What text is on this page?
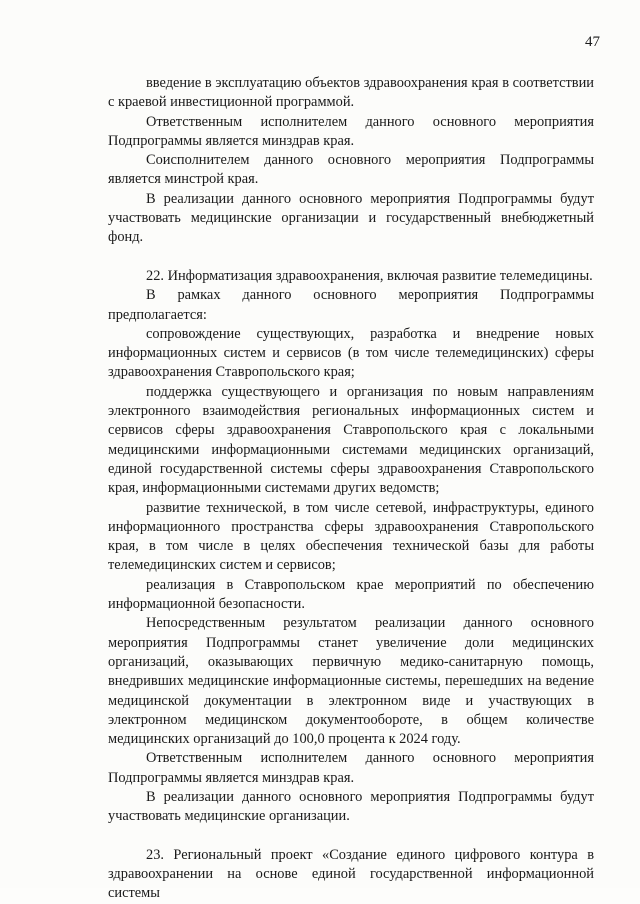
47

введение в эксплуатацию объектов здравоохранения края в соответствии с краевой инвестиционной программой.

Ответственным исполнителем данного основного мероприятия Подпрограммы является минздрав края.

Соисполнителем данного основного мероприятия Подпрограммы является минстрой края.

В реализации данного основного мероприятия Подпрограммы будут участвовать медицинские организации и государственный внебюджетный фонд.

22. Информатизация здравоохранения, включая развитие телемедицины.

В рамках данного основного мероприятия Подпрограммы предполагается:

сопровождение существующих, разработка и внедрение новых информационных систем и сервисов (в том числе телемедицинских) сферы здравоохранения Ставропольского края;

поддержка существующего и организация по новым направлениям электронного взаимодействия региональных информационных систем и сервисов сферы здравоохранения Ставропольского края с локальными медицинскими информационными системами медицинских организаций, единой государственной системы сферы здравоохранения Ставропольского края, информационными системами других ведомств;

развитие технической, в том числе сетевой, инфраструктуры, единого информационного пространства сферы здравоохранения Ставропольского края, в том числе в целях обеспечения технической базы для работы телемедицинских систем и сервисов;

реализация в Ставропольском крае мероприятий по обеспечению информационной безопасности.

Непосредственным результатом реализации данного основного мероприятия Подпрограммы станет увеличение доли медицинских организаций, оказывающих первичную медико-санитарную помощь, внедривших медицинские информационные системы, перешедших на ведение медицинской документации в электронном виде и участвующих в электронном медицинском документообороте, в общем количестве медицинских организаций до 100,0 процента к 2024 году.

Ответственным исполнителем данного основного мероприятия Подпрограммы является минздрав края.

В реализации данного основного мероприятия Подпрограммы будут участвовать медицинские организации.

23. Региональный проект «Создание единого цифрового контура в здравоохранении на основе единой государственной информационной системы
